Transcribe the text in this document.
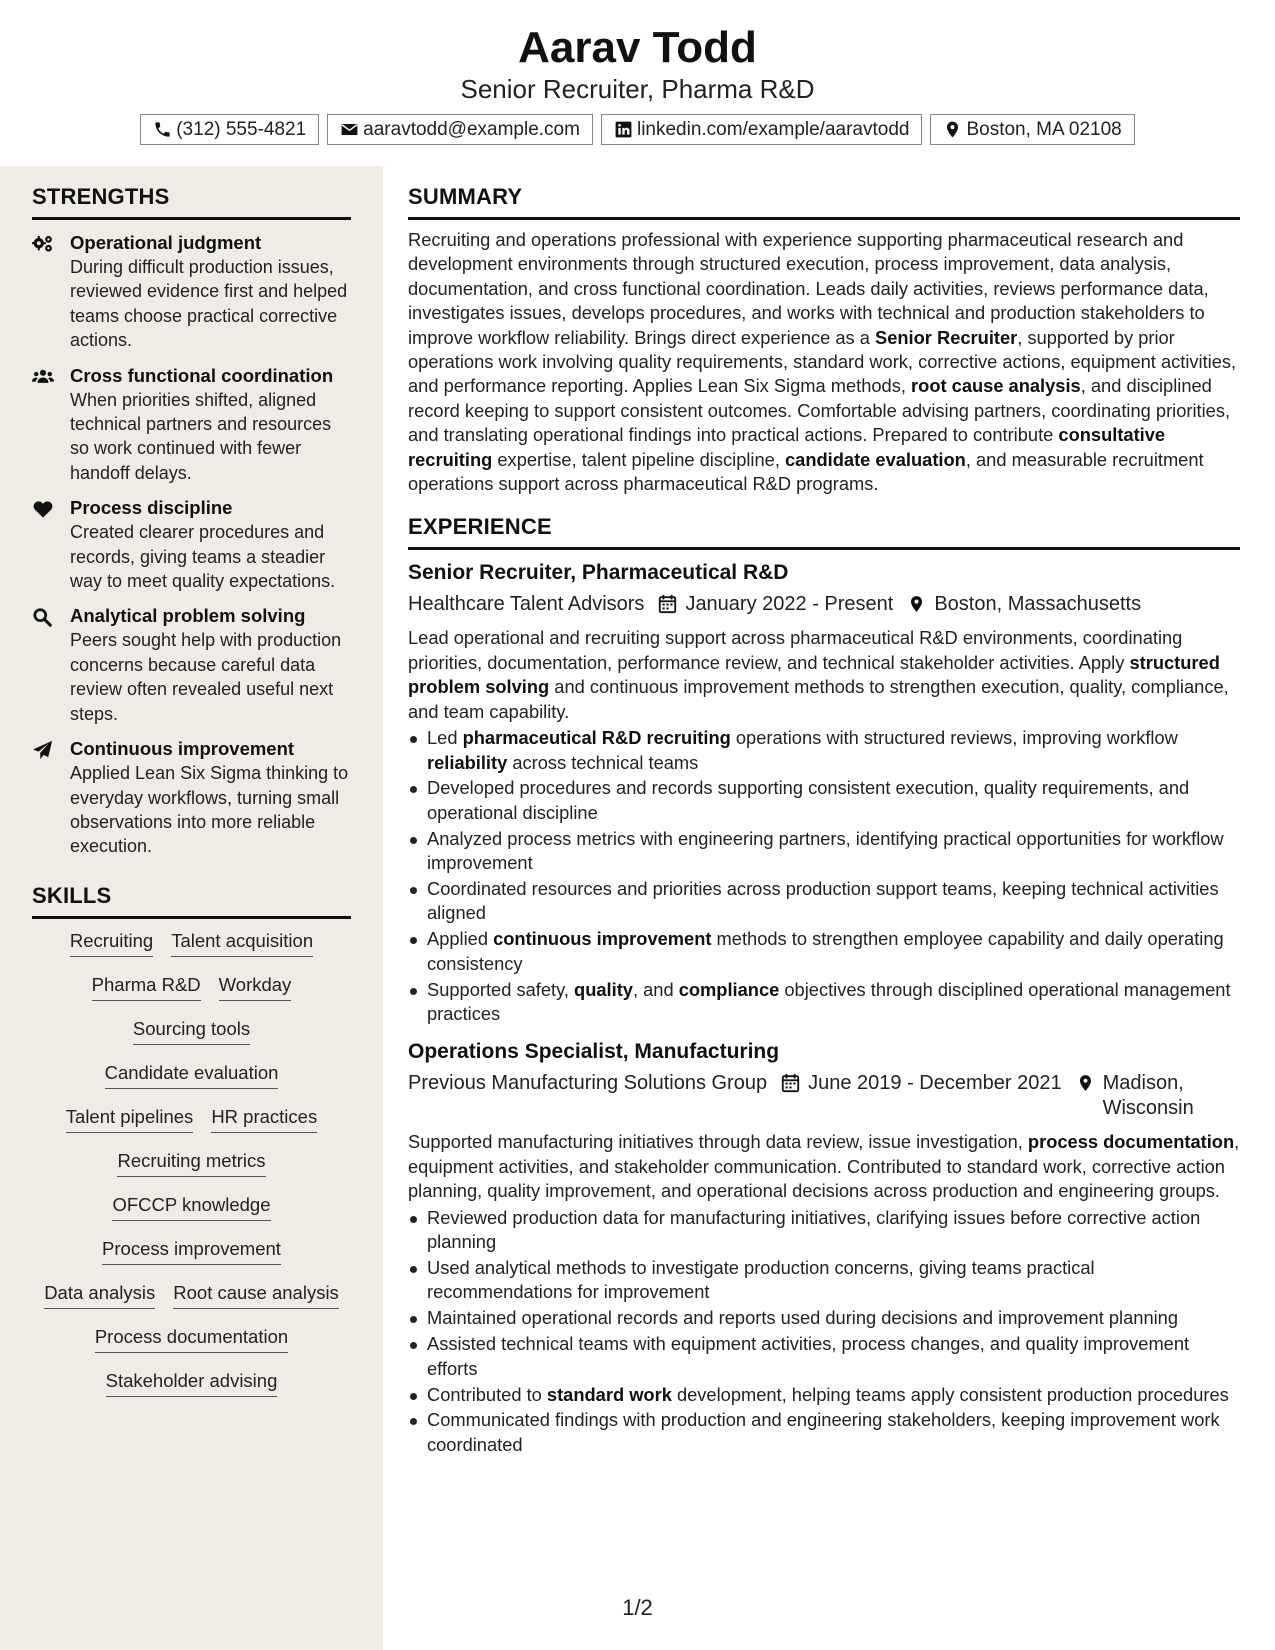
Aarav Todd
Senior Recruiter, Pharma R&D
(312) 555-4821	aaravtodd@example.com	linkedin.com/example/aaravtodd	Boston, MA 02108
STRENGTHS
Operational judgment
During difficult production issues, reviewed evidence first and helped teams choose practical corrective actions.
Cross functional coordination
When priorities shifted, aligned technical partners and resources so work continued with fewer handoff delays.
Process discipline
Created clearer procedures and records, giving teams a steadier way to meet quality expectations.
Analytical problem solving
Peers sought help with production concerns because careful data review often revealed useful next steps.
Continuous improvement
Applied Lean Six Sigma thinking to everyday workflows, turning small observations into more reliable execution.
SKILLS
Recruiting Talent acquisition
Pharma R&D Workday
Sourcing tools
Candidate evaluation
Talent pipelines HR practices
Recruiting metrics
OFCCP knowledge
Process improvement
Data analysis Root cause analysis
Process documentation
Stakeholder advising
SUMMARY

Recruiting and operations professional with experience supporting pharmaceutical research and development environments through structured execution, process improvement, data analysis, documentation, and cross functional coordination. Leads daily activities, reviews performance data, investigates issues, develops procedures, and works with technical and production stakeholders to improve workflow reliability. Brings direct experience as a Senior Recruiter, supported by prior operations work involving quality requirements, standard work, corrective actions, equipment activities, and performance reporting. Applies Lean Six Sigma methods, root cause analysis, and disciplined record keeping to support consistent outcomes. Comfortable advising partners, coordinating priorities, and translating operational findings into practical actions. Prepared to contribute consultative recruiting expertise, talent pipeline discipline, candidate evaluation, and measurable recruitment operations support across pharmaceutical R&D programs.

EXPERIENCE
Senior Recruiter, Pharmaceutical R&D
Healthcare Talent Advisors January 2022 - Present Boston, Massachusetts

Lead operational and recruiting support across pharmaceutical R&D environments, coordinating priorities, documentation, performance review, and technical stakeholder activities. Apply structured problem solving and continuous improvement methods to strengthen execution, quality, compliance, and team capability.

Led pharmaceutical R&D recruiting operations with structured reviews, improving workflow reliability across technical teams
Developed procedures and records supporting consistent execution, quality requirements, and operational discipline
Analyzed process metrics with engineering partners, identifying practical opportunities for workflow improvement
Coordinated resources and priorities across production support teams, keeping technical activities aligned
Applied continuous improvement methods to strengthen employee capability and daily operating consistency
Supported safety, quality, and compliance objectives through disciplined operational management practices
Operations Specialist, Manufacturing
Previous Manufacturing Solutions Group June 2019 - December 2021 Madison, Wisconsin

Supported manufacturing initiatives through data review, issue investigation, process documentation, equipment activities, and stakeholder communication. Contributed to standard work, corrective action planning, quality improvement, and operational decisions across production and engineering groups.

Reviewed production data for manufacturing initiatives, clarifying issues before corrective action planning
Used analytical methods to investigate production concerns, giving teams practical recommendations for improvement
Maintained operational records and reports used during decisions and improvement planning
Assisted technical teams with equipment activities, process changes, and quality improvement efforts
Contributed to standard work development, helping teams apply consistent production procedures
Communicated findings with production and engineering stakeholders, keeping improvement work coordinated
1/2
